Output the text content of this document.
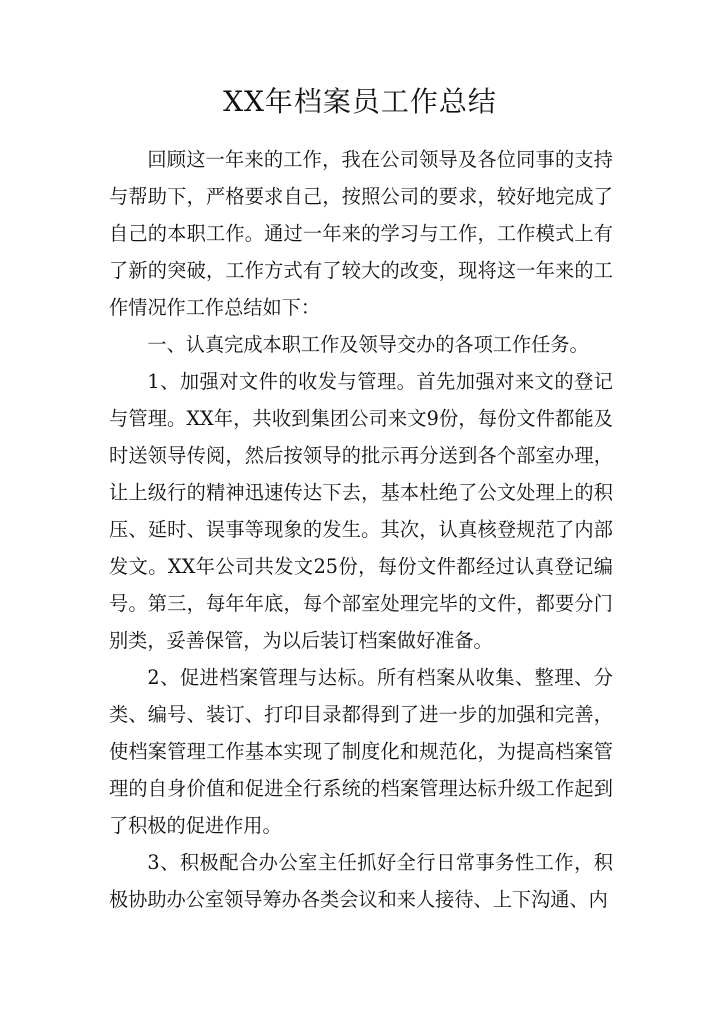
XX年档案员工作总结

回顾这一年来的工作，我在公司领导及各位同事的支持与帮助下，严格要求自己，按照公司的要求，较好地完成了自己的本职工作。通过一年来的学习与工作，工作模式上有了新的突破，工作方式有了较大的改变，现将这一年来的工作情况作工作总结如下：

一、认真完成本职工作及领导交办的各项工作任务。

1、加强对文件的收发与管理。首先加强对来文的登记与管理。XX年，共收到集团公司来文9份，每份文件都能及时送领导传阅，然后按领导的批示再分送到各个部室办理，让上级行的精神迅速传达下去，基本杜绝了公文处理上的积压、延时、误事等现象的发生。其次，认真核登规范了内部发文。XX年公司共发文25份，每份文件都经过认真登记编号。第三，每年年底，每个部室处理完毕的文件，都要分门别类，妥善保管，为以后装订档案做好准备。

2、促进档案管理与达标。所有档案从收集、整理、分类、编号、装订、打印目录都得到了进一步的加强和完善，使档案管理工作基本实现了制度化和规范化，为提高档案管理的自身价值和促进全行系统的档案管理达标升级工作起到了积极的促进作用。

3、积极配合办公室主任抓好全行日常事务性工作，积极协助办公室领导筹办各类会议和来人接待、上下沟通、内
